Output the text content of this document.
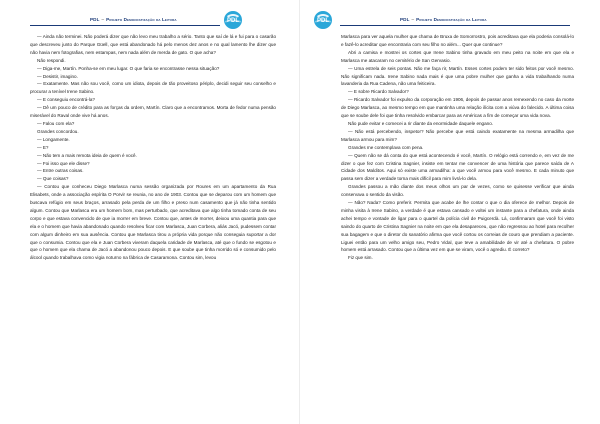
PDL – Projeto Democratização da Leitura	PDL

— Ainda não terminei. Não poderá dizer que não levo meu trabalho a sério. Tanto que saí de lá e fui para o casarão que descreveu junto do Parque Güell, que está abandonado há pelo menos dez anos e no qual lamento lhe dizer que não havia nem fotografias, nem estampas, nem nada além de merda de gato. O que acha?

Não respondi.

— Diga-me, Martín. Ponha-se em meu lugar. O que faria se encontrasse nessa situação?

— Desistir, imagino.

— Exatamente. Mas não sou você, como um idiota, depois de tão proveitoso périplo, decidi seguir seu conselho e procurar a tenível Irene Sabino.

— E conseguiu encontrá-la?

— Dê um pouco de crédito para as forças da ordem, Martín. Claro que a encontramos. Morta de fedor numa pensão miserável do Raval onde vive há anos.

— Falou com ela?

Grandes concordou.

— Longamente.

— E?

— Não tem a mais remota ideia de quem é você.

— Foi isso que ele disse?

— Entre outras coisas.

— Que coisas?

— Contou que conheceu Diego Marlasca numa sessão organizada por Roures em um apartamento da Rua Elisabets, onde a associação espírita O Porvir se reunia, no ano de 1903. Contou que se deparou com um homem que buscava refúgio em seus braços, arrasado pela perda de um filho e preso num casamento que já não tinha sentido algum. Contou que Marlasca era um homem bom, mas perturbado, que acreditava que algo tinha tomado conta de seu corpo e que estava convencido de que ia morrer em breve. Contou que, antes de morrer, deixou uma quantia para que ela e o homem que havia abandonado quando resolveu ficar com Marlasca, Juan Corbera, aliás Jacó, pudessem contar com algum dinheiro em sua ausência. Contou que Marlasca tirou a própria vida porque não conseguia suportar a dor que o consumia. Contou que ela e Juan Corbera viveram daquela caridade de Marlasca, até que o fundo se esgotou e que o homem que ela chama de Jacó a abandonou pouco depois. E que soube que tinha morrido só e consumido pelo álcool quando trabalhava como vigia noturno na fábrica de Casaramona. Contou sim, levou

PDL	PDL – Projeto Democratização da Leitura

Marlasca para ver aquela mulher que chama de Bruxa de Somorrostro, pois acreditava que ela poderia consolá-lo e fazê-lo acreditar que encontraria com seu filho no além... Quer que continue?

Abri a camisa e mostrei os cortes que Irene Sabino tinha gravado em meu peito na noite em que ela e Marlasca me atacaram no cemitério de San Gervasio.

— Uma estrela de seis pontas. Não me faça rir, Martín. Esses cortes podem ter sido feitos por você mesmo. Não significam nada. Irene Sabino nada mais é que uma pobre mulher que ganha a vida trabalhando numa lavanderia da Rua Cadena, não uma feiticeira.

— E sobre Ricardo Salvador?

— Ricardo Salvador foi expulso da corporação em 1906, depois de passar anos remexendo no caso da morte de Diego Marlasca, ao mesmo tempo em que mantinha uma relação ilícita com a viúva do falecido. A última coisa que se soube dele foi que tinha resolvido embarcar para as Américas a fim de começar uma vida nova.

Não pude evitar e comecei a rir diante da enormidade daquele engano.

— Não está percebendo, inspetor? Não percebe que está caindo exatamente na mesma armadilha que Marlasca armou para mim?

Grandes me contemplava com pena.

— Quem não se dá conta do que está acontecendo é você, Martín. O relógio está correndo e, em vez de me dizer o que fez com Cristina Sagnier, insiste em tentar me convencer de uma história que parece saída de A Cidade dos Malditos. Aqui só existe uma armadilha: a que você armou para você mesmo. E cada minuto que passa sem dizer a verdade torna mais difícil para mim livrá-lo dela.

Grandes passou a mão diante dos meus olhos um par de vezes, como se quisesse verificar que ainda conservava o sentido da visão.

— Não? Nada? Como preferir. Permita que acabe de lhe contar o que o dia oferece de melhor. Depois de minha visita à Irene Sabino, a verdade é que estava cansado e voltei um instante para a chefatura, onde ainda achei tempo e vontade de ligar para o quartel da polícia civil de Puigcerdà. Lá, confirmaram que você foi visto saindo do quarto de Cristina Sagnier na noite em que ela desapareceu, que não regressou ao hotel para recolher sua bagagem e que o diretor do sanatório afirma que você cortou os correias de couro que prendiam a paciente. Liguei então para um velho amigo seu, Pedro Vidal, que teve a amabilidade de vir até a chefatura. O pobre homem está arrasado. Contou que a última vez em que se viram, você o agrediu. É correto?

Fiz que sim.
